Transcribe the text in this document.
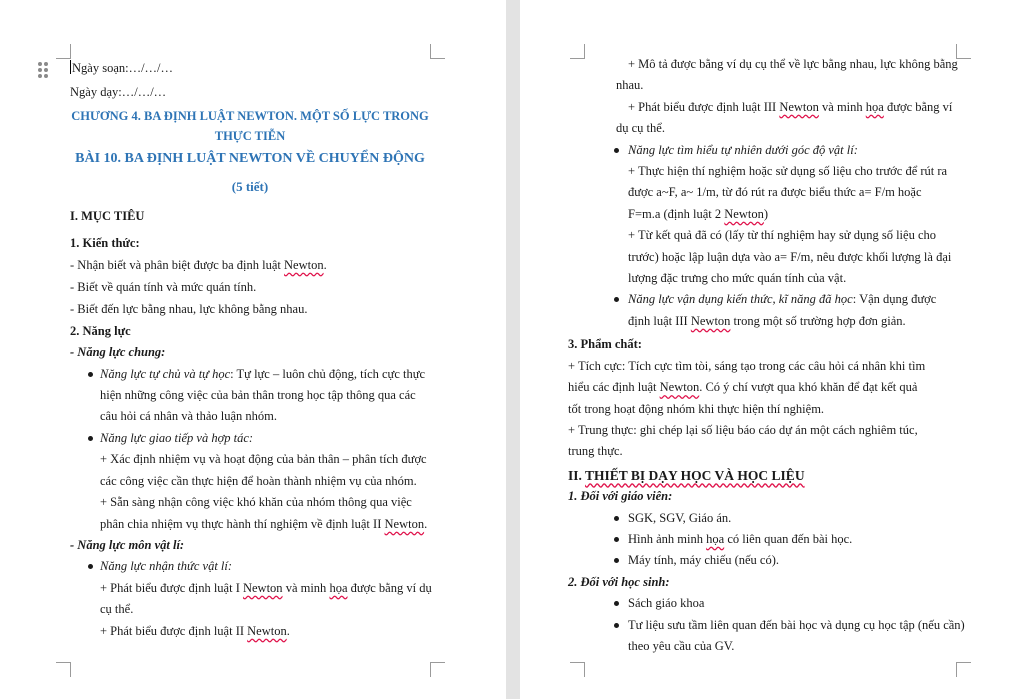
Ngày soạn:…/…/…
Ngày dạy:…/…/…
CHƯƠNG 4. BA ĐỊNH LUẬT NEWTON. MỘT SỐ LỰC TRONG
THỰC TIỄN
BÀI 10. BA ĐỊNH LUẬT NEWTON VỀ CHUYỂN ĐỘNG
(5 tiết)
I. MỤC TIÊU
1. Kiến thức:
- Nhận biết và phân biệt được ba định luật Newton.
- Biết về quán tính và mức quán tính.
- Biết đến lực bằng nhau, lực không bằng nhau.
2. Năng lực
- Năng lực chung:
Năng lực tự chủ và tự học: Tự lực – luôn chủ động, tích cực thực
hiện những công việc của bản thân trong học tập thông qua các
câu hỏi cá nhân và thảo luận nhóm.
Năng lực giao tiếp và hợp tác:
+ Xác định nhiệm vụ và hoạt động của bản thân – phân tích được
các công việc cần thực hiện để hoàn thành nhiệm vụ của nhóm.
+ Sẵn sàng nhận công việc khó khăn của nhóm thông qua việc
phân chia nhiệm vụ thực hành thí nghiệm về định luật II Newton.
- Năng lực môn vật lí:
Năng lực nhận thức vật lí:
+ Phát biểu được định luật I Newton và minh họa được bằng ví dụ
cụ thể.
+ Phát biểu được định luật II Newton.
+ Mô tả được bằng ví dụ cụ thể về lực bằng nhau, lực không bằng
nhau.
+ Phát biểu được định luật III Newton và minh họa được bằng ví
dụ cụ thể.
Năng lực tìm hiểu tự nhiên dưới góc độ vật lí:
+ Thực hiện thí nghiệm hoặc sử dụng số liệu cho trước để rút ra
được a~F, a~ 1/m, từ đó rút ra được biểu thức a= F/m hoặc
F=m.a (định luật 2 Newton)
+ Từ kết quả đã có (lấy từ thí nghiệm hay sử dụng số liệu cho
trước) hoặc lập luận dựa vào a= F/m, nêu được khối lượng là đại
lượng đặc trưng cho mức quán tính của vật.
Năng lực vận dụng kiến thức, kĩ năng đã học: Vận dụng được
định luật III Newton trong một số trường hợp đơn giản.
3. Phẩm chất:
+ Tích cực: Tích cực tìm tòi, sáng tạo trong các câu hỏi cá nhân khi tìm
hiểu các định luật Newton. Có ý chí vượt qua khó khăn để đạt kết quả
tốt trong hoạt động nhóm khi thực hiện thí nghiệm.
+ Trung thực: ghi chép lại số liệu báo cáo dự án một cách nghiêm túc,
trung thực.
II. THIẾT BỊ DẠY HỌC VÀ HỌC LIỆU
1. Đối với giáo viên:
SGK, SGV, Giáo án.
Hình ảnh minh họa có liên quan đến bài học.
Máy tính, máy chiếu (nếu có).
2. Đối với học sinh:
Sách giáo khoa
Tư liệu sưu tầm liên quan đến bài học và dụng cụ học tập (nếu cần)
theo yêu cầu của GV.
